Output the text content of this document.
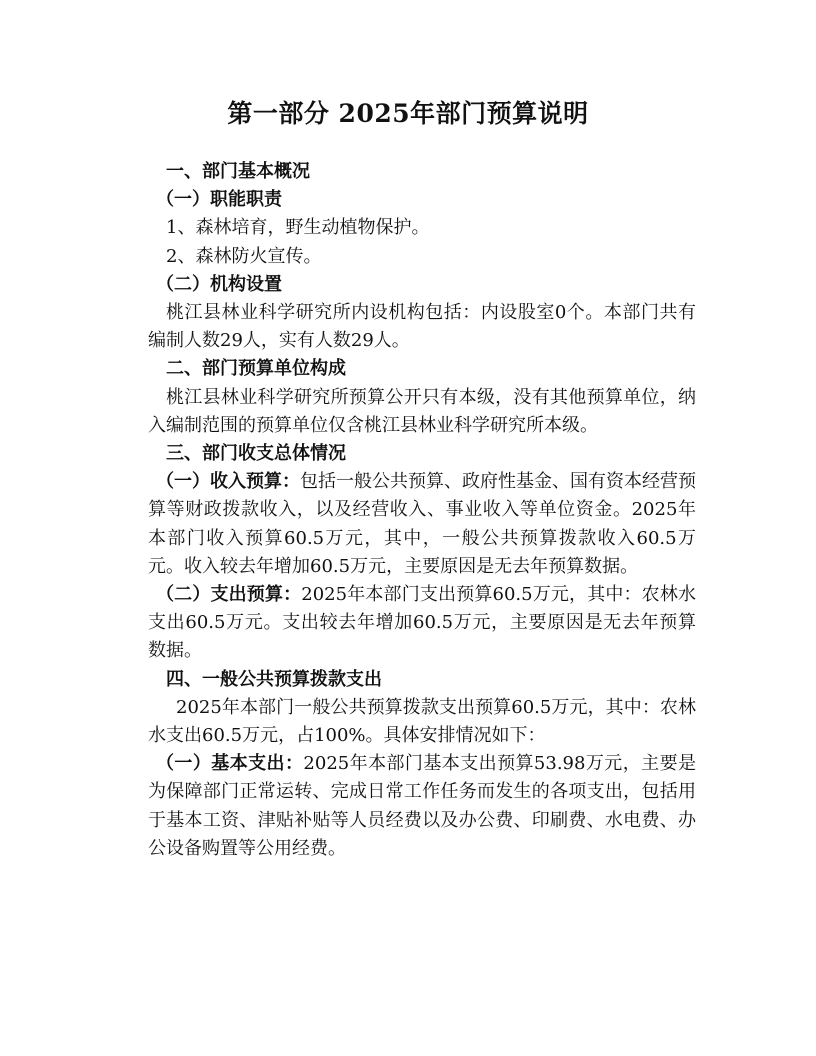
第一部分 2025年部门预算说明

一、部门基本概况

（一）职能职责

1、森林培育，野生动植物保护。

2、森林防火宣传。

（二）机构设置

桃江县林业科学研究所内设机构包括：内设股室0个。本部门共有编制人数29人，实有人数29人。

二、部门预算单位构成

桃江县林业科学研究所预算公开只有本级，没有其他预算单位，纳入编制范围的预算单位仅含桃江县林业科学研究所本级。

三、部门收支总体情况

（一）收入预算：包括一般公共预算、政府性基金、国有资本经营预算等财政拨款收入，以及经营收入、事业收入等单位资金。2025年本部门收入预算60.5万元，其中，一般公共预算拨款收入60.5万元。收入较去年增加60.5万元，主要原因是无去年预算数据。

（二）支出预算：2025年本部门支出预算60.5万元，其中：农林水支出60.5万元。支出较去年增加60.5万元，主要原因是无去年预算数据。

四、一般公共预算拨款支出

2025年本部门一般公共预算拨款支出预算60.5万元，其中：农林水支出60.5万元，占100%。具体安排情况如下：

（一）基本支出：2025年本部门基本支出预算53.98万元，主要是为保障部门正常运转、完成日常工作任务而发生的各项支出，包括用于基本工资、津贴补贴等人员经费以及办公费、印刷费、水电费、办公设备购置等公用经费。
